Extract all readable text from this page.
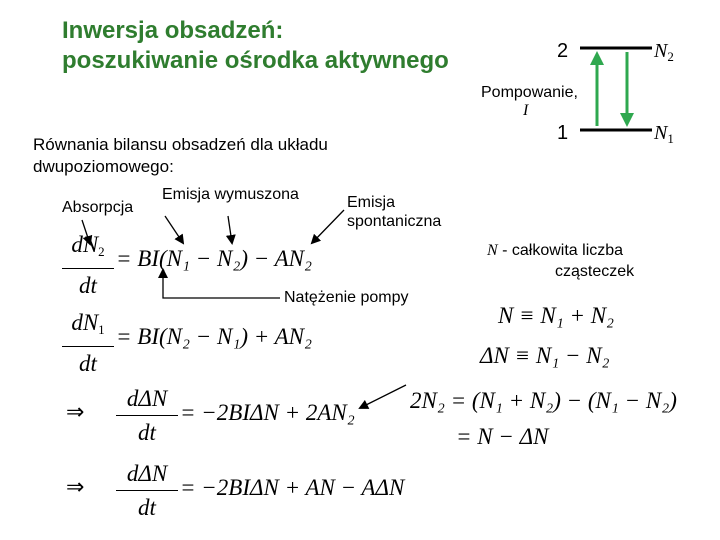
Inwersja obsadzeń:
poszukiwanie ośrodka aktywnego
Równania bilansu obsadzeń dla układu
dwupoziomowego:
Absorpcja
Emisja wymuszona	Emisja
spontaniczna
Natężenie pompy
$dN_2$
dt
= BI(N₁ − N₂) − AN₂
$dN_1$
dt
= BI(N₂ − N₁) + AN₂
⇒
dΔN
dt
= −2BIΔN + 2AN₂
⇒
dΔN
dt
= −2BIΔN + AN − AΔN
N - całkowita liczba
cząsteczek
N ≡ N₁ + N₂
ΔN ≡ N₁ − N₂
2N₂ = (N₁ + N₂) − (N₁ − N₂)
= N − ΔN
2
1
$N_2$
$N_1$
Pompowanie,
I
